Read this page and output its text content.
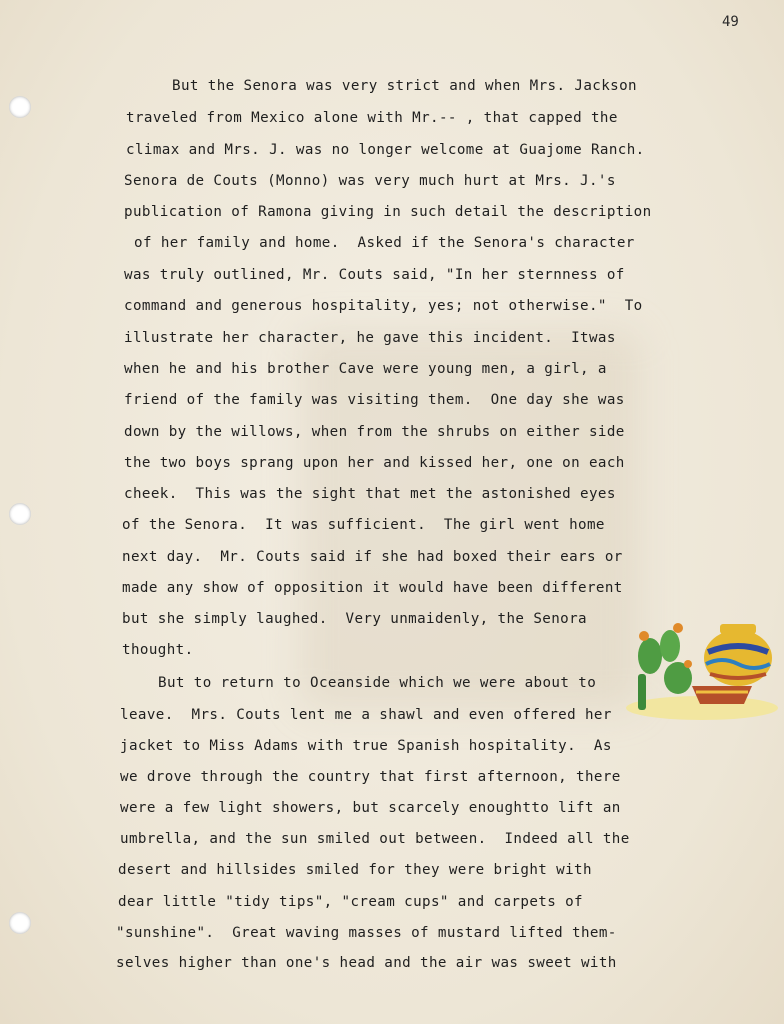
49
But the Senora was very strict and when Mrs. Jackson
traveled from Mexico alone with Mr.-- , that capped the
climax and Mrs. J. was no longer welcome at Guajome Ranch.
Senora de Couts (Monno) was very much hurt at Mrs. J.'s
publication of Ramona giving in such detail the description
of her family and home.  Asked if the Senora's character
was truly outlined, Mr. Couts said, "In her sternness of
command and generous hospitality, yes; not otherwise."  To
illustrate her character, he gave this incident.  Itwas
when he and his brother Cave were young men, a girl, a
friend of the family was visiting them.  One day she was
down by the willows, when from the shrubs on either side
the two boys sprang upon her and kissed her, one on each
cheek.  This was the sight that met the astonished eyes
of the Senora.  It was sufficient.  The girl went home
next day.  Mr. Couts said if she had boxed their ears or
made any show of opposition it would have been different
but she simply laughed.  Very unmaidenly, the Senora
thought.
But to return to Oceanside which we were about to
leave.  Mrs. Couts lent me a shawl and even offered her
jacket to Miss Adams with true Spanish hospitality.  As
we drove through the country that first afternoon, there
were a few light showers, but scarcely enoughtto lift an
umbrella, and the sun smiled out between.  Indeed all the
desert and hillsides smiled for they were bright with
dear little "tidy tips", "cream cups" and carpets of
"sunshine".  Great waving masses of mustard lifted them-
selves higher than one's head and the air was sweet with
